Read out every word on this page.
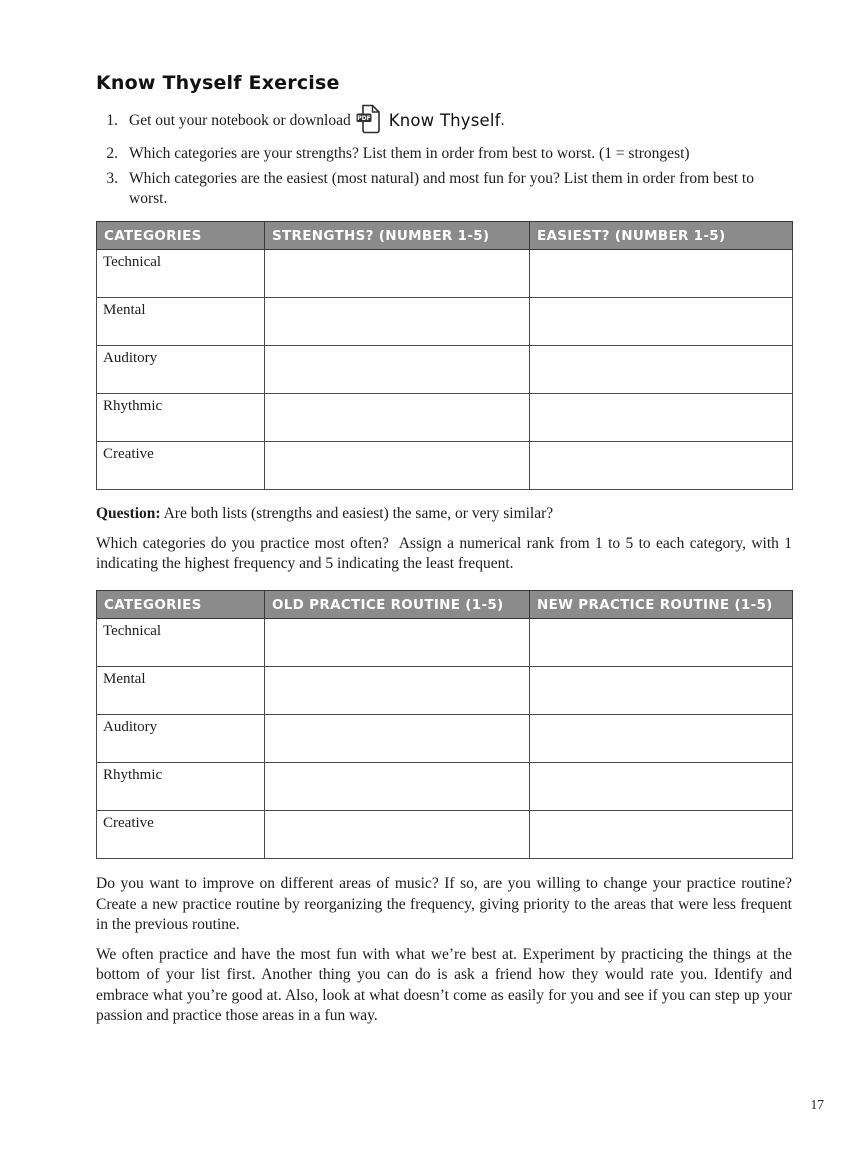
Know Thyself Exercise
1. Get out your notebook or download PDF Know Thyself .
2. Which categories are your strengths? List them in order from best to worst. (1 = strongest)
3. Which categories are the easiest (most natural) and most fun for you? List them in order from best to worst.
CATEGORIES	STRENGTHS? (NUMBER 1-5)	EASIEST? (NUMBER 1-5)
Technical		
Mental		
Auditory		
Rhythmic		
Creative		
Question: Are both lists (strengths and easiest) the same, or very similar?
Which categories do you practice most often?  Assign a numerical rank from 1 to 5 to each category, with 1 indicating the highest frequency and 5 indicating the least frequent.
CATEGORIES	OLD PRACTICE ROUTINE (1-5)	NEW PRACTICE ROUTINE (1-5)
Technical		
Mental		
Auditory		
Rhythmic		
Creative		
Do you want to improve on different areas of music? If so, are you willing to change your practice routine? Create a new practice routine by reorganizing the frequency, giving priority to the areas that were less frequent in the previous routine.
We often practice and have the most fun with what we’re best at. Experiment by practicing the things at the bottom of your list first. Another thing you can do is ask a friend how they would rate you. Identify and embrace what you’re good at. Also, look at what doesn’t come as easily for you and see if you can step up your passion and practice those areas in a fun way.
17
